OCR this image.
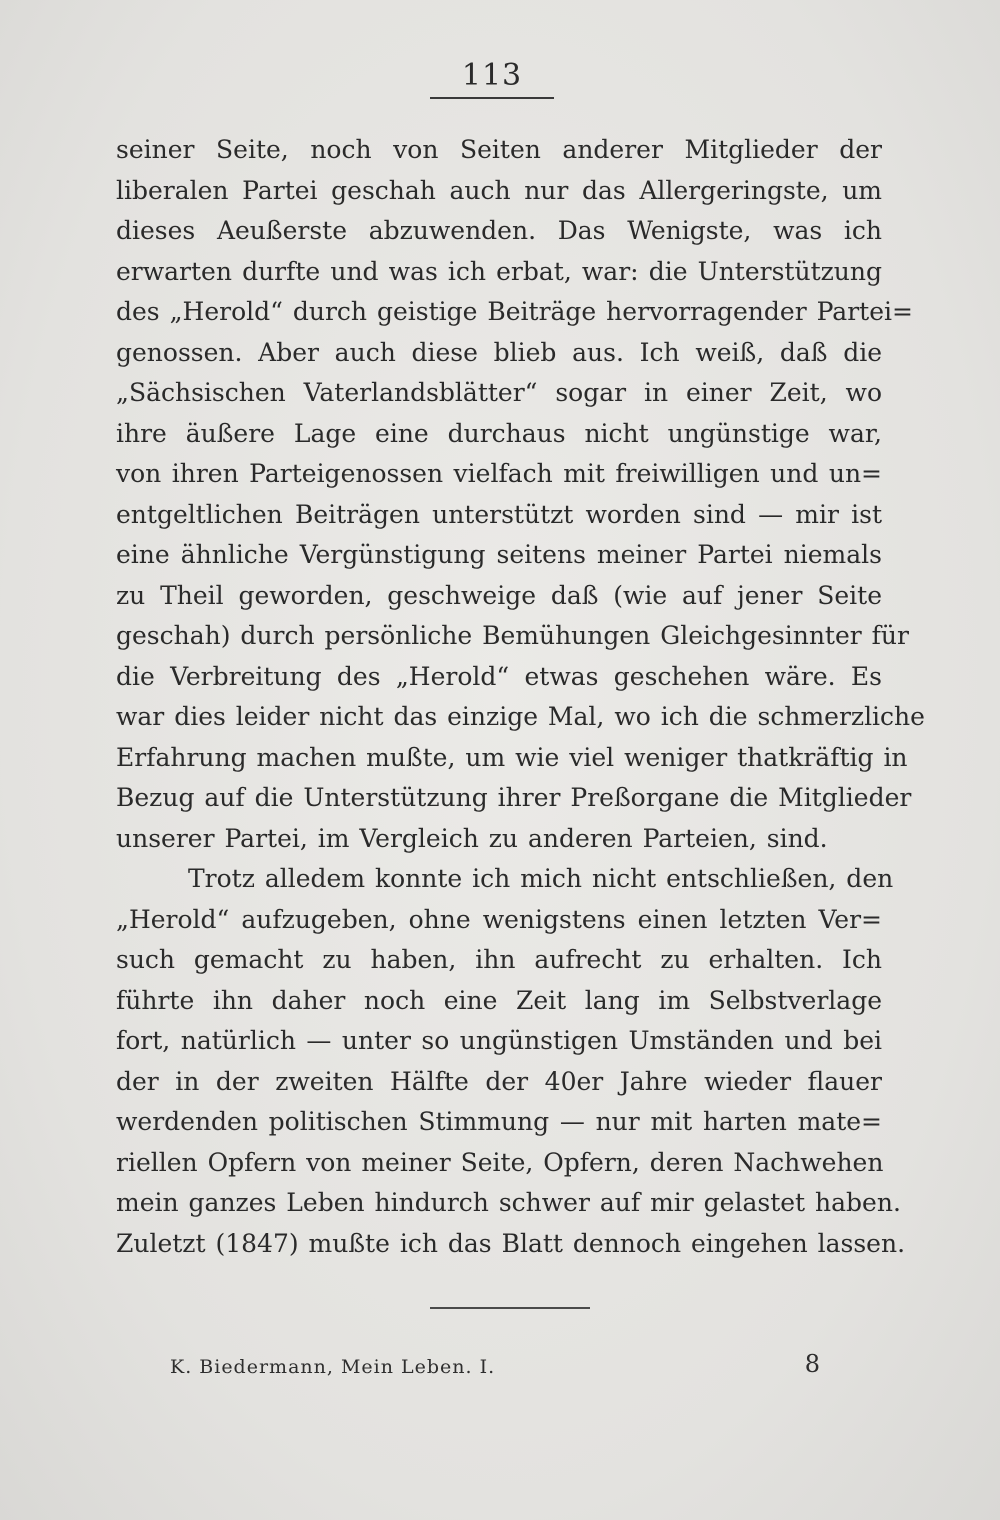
113
seiner Seite, noch von Seiten anderer Mitglieder der
liberalen Partei geschah auch nur das Allergeringste, um
dieses Aeußerste abzuwenden. Das Wenigste, was ich
erwarten durfte und was ich erbat, war: die Unterstützung
des „Herold“ durch geistige Beiträge hervorragender Partei=
genossen. Aber auch diese blieb aus. Ich weiß, daß die
„Sächsischen Vaterlandsblätter“ sogar in einer Zeit, wo
ihre äußere Lage eine durchaus nicht ungünstige war,
von ihren Parteigenossen vielfach mit freiwilligen und un=
entgeltlichen Beiträgen unterstützt worden sind — mir ist
eine ähnliche Vergünstigung seitens meiner Partei niemals
zu Theil geworden, geschweige daß (wie auf jener Seite
geschah) durch persönliche Bemühungen Gleichgesinnter für
die Verbreitung des „Herold“ etwas geschehen wäre. Es
war dies leider nicht das einzige Mal, wo ich die schmerzliche
Erfahrung machen mußte, um wie viel weniger thatkräftig in
Bezug auf die Unterstützung ihrer Preßorgane die Mitglieder
unserer Partei, im Vergleich zu anderen Parteien, sind.
Trotz alledem konnte ich mich nicht entschließen, den
„Herold“ aufzugeben, ohne wenigstens einen letzten Ver=
such gemacht zu haben, ihn aufrecht zu erhalten. Ich
führte ihn daher noch eine Zeit lang im Selbstverlage
fort, natürlich — unter so ungünstigen Umständen und bei
der in der zweiten Hälfte der 40er Jahre wieder flauer
werdenden politischen Stimmung — nur mit harten mate=
riellen Opfern von meiner Seite, Opfern, deren Nachwehen
mein ganzes Leben hindurch schwer auf mir gelastet haben.
Zuletzt (1847) mußte ich das Blatt dennoch eingehen lassen.
K. Biedermann, Mein Leben. I.	8
